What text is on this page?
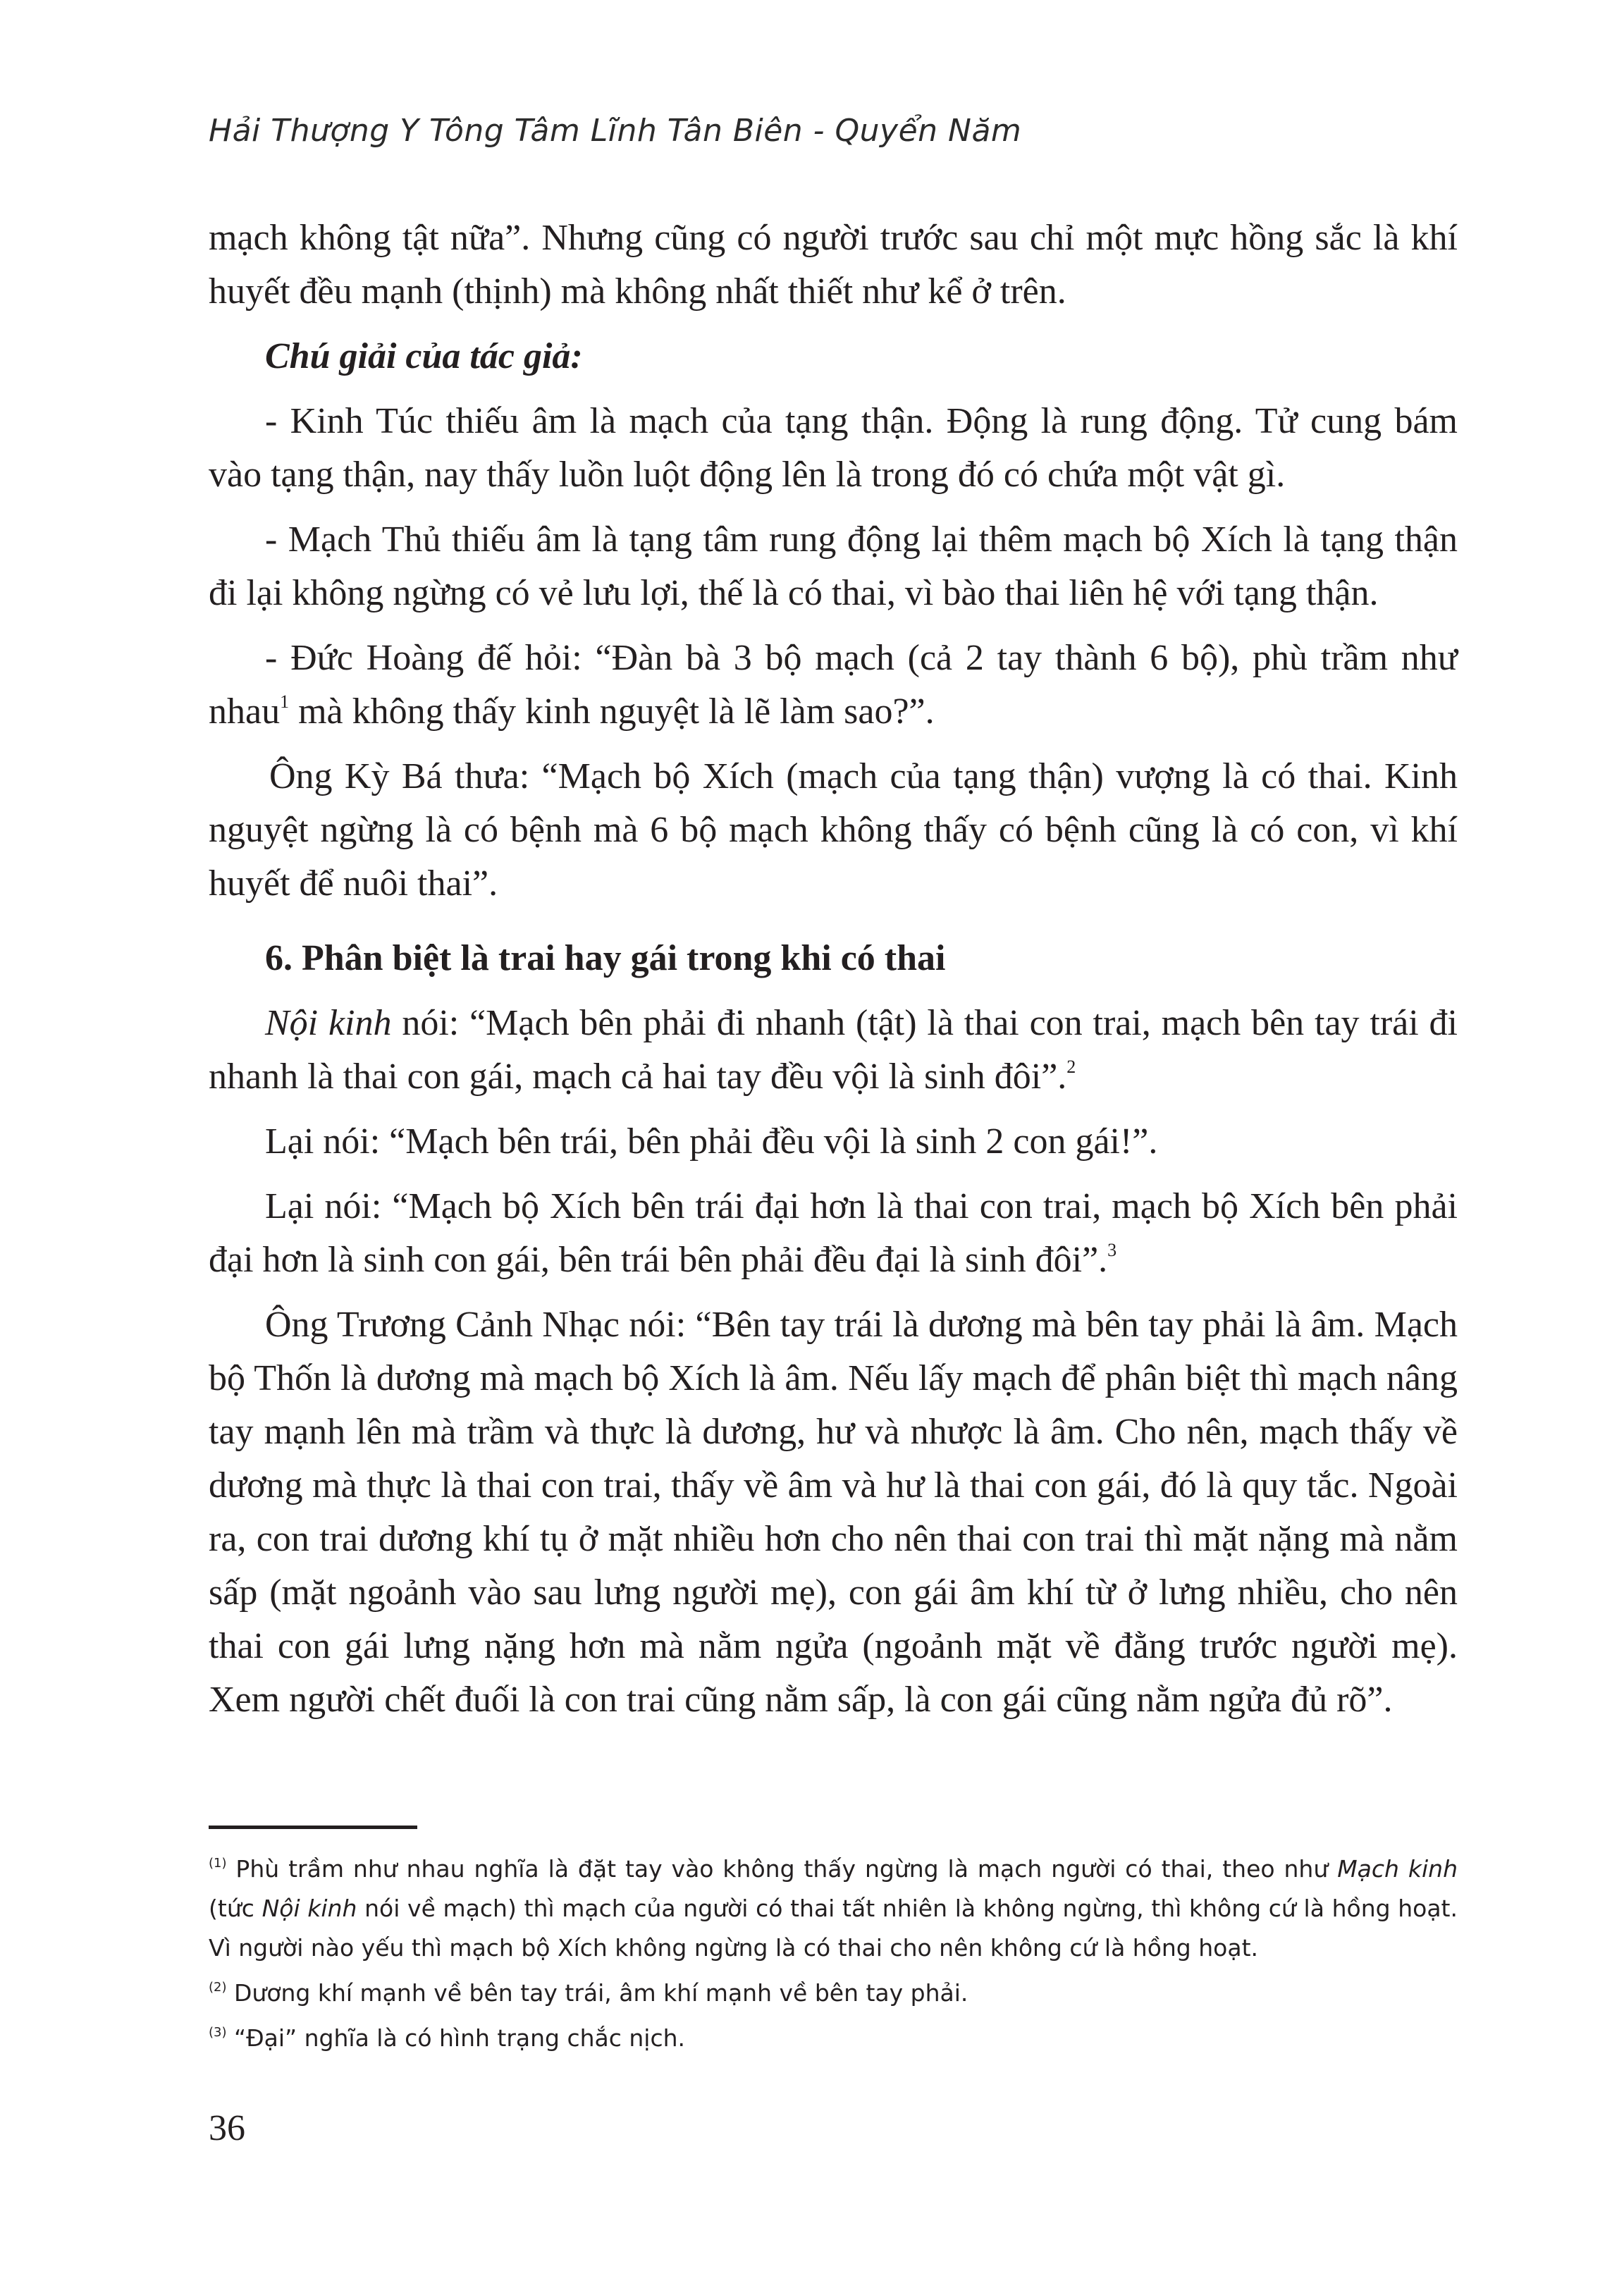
Hải Thượng Y Tông Tâm Lĩnh Tân Biên - Quyển Năm

mạch không tật nữa”. Nhưng cũng có người trước sau chỉ một mực hồng sắc là khí huyết đều mạnh (thịnh) mà không nhất thiết như kể ở trên.

Chú giải của tác giả:

- Kinh Túc thiếu âm là mạch của tạng thận. Động là rung động. Tử cung bám vào tạng thận, nay thấy luồn luột động lên là trong đó có chứa một vật gì.

- Mạch Thủ thiếu âm là tạng tâm rung động lại thêm mạch bộ Xích là tạng thận đi lại không ngừng có vẻ lưu lợi, thế là có thai, vì bào thai liên hệ với tạng thận.

- Đức Hoàng đế hỏi: “Đàn bà 3 bộ mạch (cả 2 tay thành 6 bộ), phù trầm như nhau$^1$ mà không thấy kinh nguyệt là lẽ làm sao?”.

Ông Kỳ Bá thưa: “Mạch bộ Xích (mạch của tạng thận) vượng là có thai. Kinh nguyệt ngừng là có bệnh mà 6 bộ mạch không thấy có bệnh cũng là có con, vì khí huyết để nuôi thai”.

6. Phân biệt là trai hay gái trong khi có thai

Nội kinh nói: “Mạch bên phải đi nhanh (tật) là thai con trai, mạch bên tay trái đi nhanh là thai con gái, mạch cả hai tay đều vội là sinh đôi”.$^2$

Lại nói: “Mạch bên trái, bên phải đều vội là sinh 2 con gái!”.

Lại nói: “Mạch bộ Xích bên trái đại hơn là thai con trai, mạch bộ Xích bên phải đại hơn là sinh con gái, bên trái bên phải đều đại là sinh đôi”.$^3$

Ông Trương Cảnh Nhạc nói: “Bên tay trái là dương mà bên tay phải là âm. Mạch bộ Thốn là dương mà mạch bộ Xích là âm. Nếu lấy mạch để phân biệt thì mạch nâng tay mạnh lên mà trầm và thực là dương, hư và nhược là âm. Cho nên, mạch thấy về dương mà thực là thai con trai, thấy về âm và hư là thai con gái, đó là quy tắc. Ngoài ra, con trai dương khí tụ ở mặt nhiều hơn cho nên thai con trai thì mặt nặng mà nằm sấp (mặt ngoảnh vào sau lưng người mẹ), con gái âm khí từ ở lưng nhiều, cho nên thai con gái lưng nặng hơn mà nằm ngửa (ngoảnh mặt về đằng trước người mẹ). Xem người chết đuối là con trai cũng nằm sấp, là con gái cũng nằm ngửa đủ rõ”.

$^{(1)}$ Phù trầm như nhau nghĩa là đặt tay vào không thấy ngừng là mạch người có thai, theo như Mạch kinh (tức Nội kinh nói về mạch) thì mạch của người có thai tất nhiên là không ngừng, thì không cứ là hồng hoạt. Vì người nào yếu thì mạch bộ Xích không ngừng là có thai cho nên không cứ là hồng hoạt.

$^{(2)}$ Dương khí mạnh về bên tay trái, âm khí mạnh về bên tay phải.

$^{(3)}$ “Đại” nghĩa là có hình trạng chắc nịch.

36
